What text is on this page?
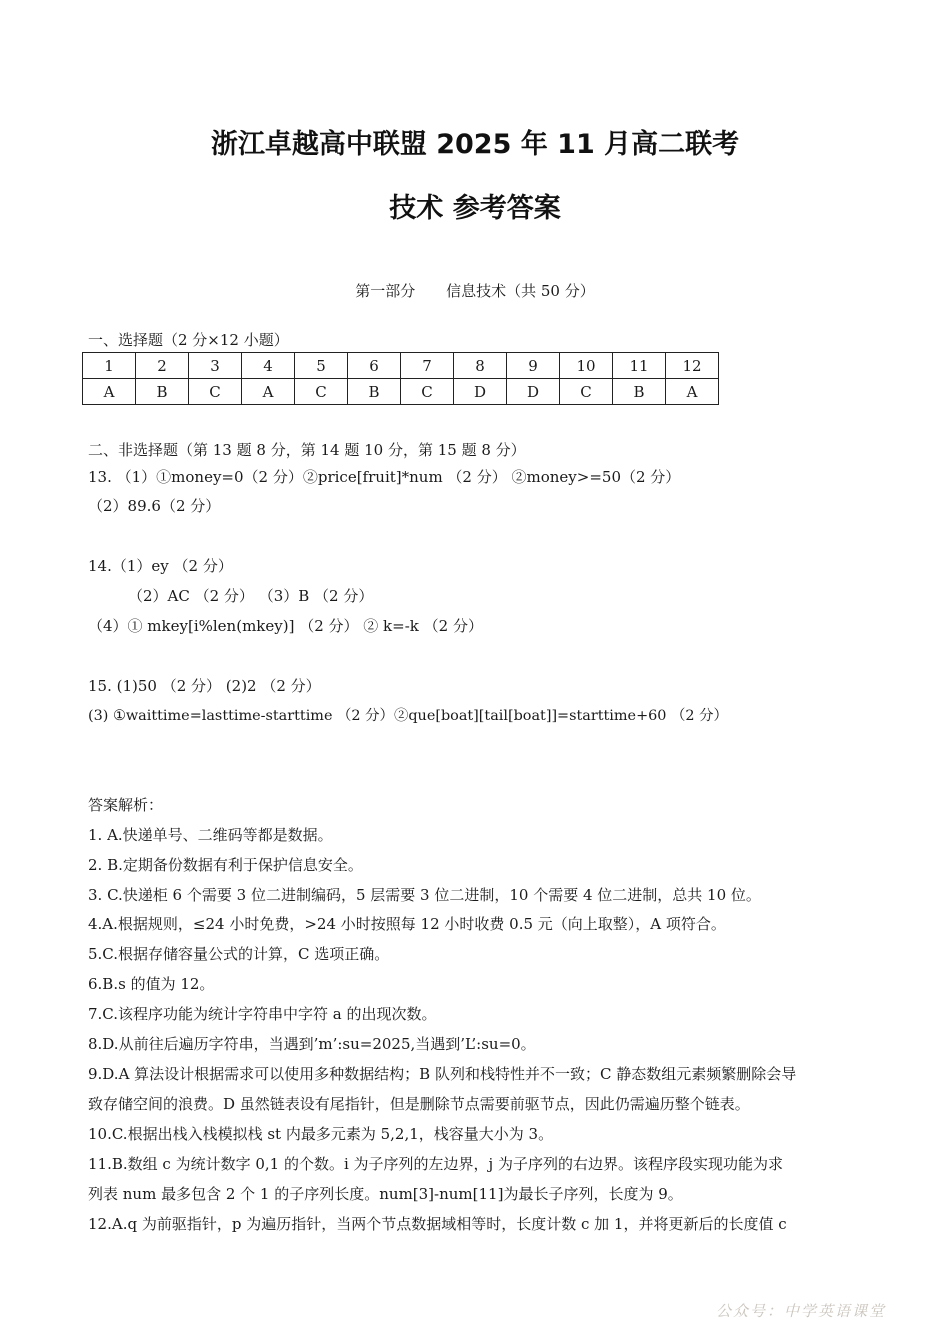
浙江卓越高中联盟 2025 年 11 月高二联考
技术 参考答案
第一部分 信息技术（共 50 分）
一、选择题（2 分×12 小题）
1	2	3	4	5	6	7	8	9	10	11	12
A	B	C	A	C	B	C	D	D	C	B	A
二、非选择题（第 13 题 8 分，第 14 题 10 分，第 15 题 8 分）
13. （1）①money=0（2 分）②price[fruit]*num （2 分） ②money>=50（2 分）
（2）89.6（2 分）
14.（1）ey （2 分）
（2）AC （2 分） （3）B （2 分）
（4）① mkey[i%len(mkey)] （2 分） ② k=-k （2 分）
15. (1)50 （2 分） (2)2 （2 分）
(3) ①waittime=lasttime-starttime （2 分）②que[boat][tail[boat]]=starttime+60 （2 分）
答案解析：
1. A.快递单号、二维码等都是数据。
2. B.定期备份数据有利于保护信息安全。
3. C.快递柜 6 个需要 3 位二进制编码，5 层需要 3 位二进制，10 个需要 4 位二进制，总共 10 位。
4.A.根据规则，≤24 小时免费，>24 小时按照每 12 小时收费 0.5 元（向上取整），A 项符合。
5.C.根据存储容量公式的计算，C 选项正确。
6.B.s 的值为 12。
7.C.该程序功能为统计字符串中字符 a 的出现次数。
8.D.从前往后遍历字符串，当遇到’m’:su=2025,当遇到’L’:su=0。
9.D.A 算法设计根据需求可以使用多种数据结构；B 队列和栈特性并不一致；C 静态数组元素频繁删除会导
致存储空间的浪费。D 虽然链表设有尾指针，但是删除节点需要前驱节点，因此仍需遍历整个链表。
10.C.根据出栈入栈模拟栈 st 内最多元素为 5,2,1，栈容量大小为 3。
11.B.数组 c 为统计数字 0,1 的个数。i 为子序列的左边界，j 为子序列的右边界。该程序段实现功能为求
列表 num 最多包含 2 个 1 的子序列长度。num[3]-num[11]为最长子序列，长度为 9。
12.A.q 为前驱指针，p 为遍历指针，当两个节点数据域相等时，长度计数 c 加 1，并将更新后的长度值 c
公众号：中学英语课堂
